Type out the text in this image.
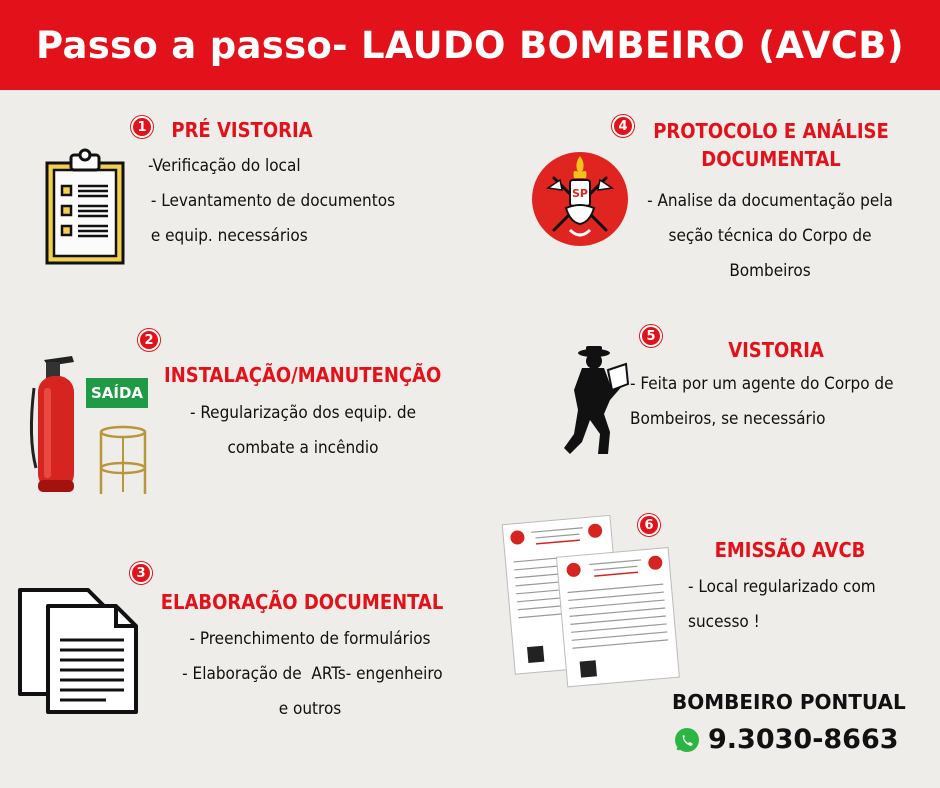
Passo a passo- LAUDO BOMBEIRO (AVCB)
1	PRÉ VISTORIA
-Verificação do local
- Levantamento de documentos
e equip. necessários
2
INSTALAÇÃO/MANUTENÇÃO
- Regularização dos equip. de
combate a incêndio
SAÍDA
3
ELABORAÇÃO DOCUMENTAL
- Preenchimento de formulários
- Elaboração de  ARTs- engenheiro
e outros
4	PROTOCOLO E ANÁLISE
DOCUMENTAL
- Analise da documentação pela
seção técnica do Corpo de
Bombeiros
SP
5
VISTORIA
- Feita por um agente do Corpo de
Bombeiros, se necessário
6
EMISSÃO AVCB
- Local regularizado com
sucesso !
BOMBEIRO PONTUAL
9.3030-8663
